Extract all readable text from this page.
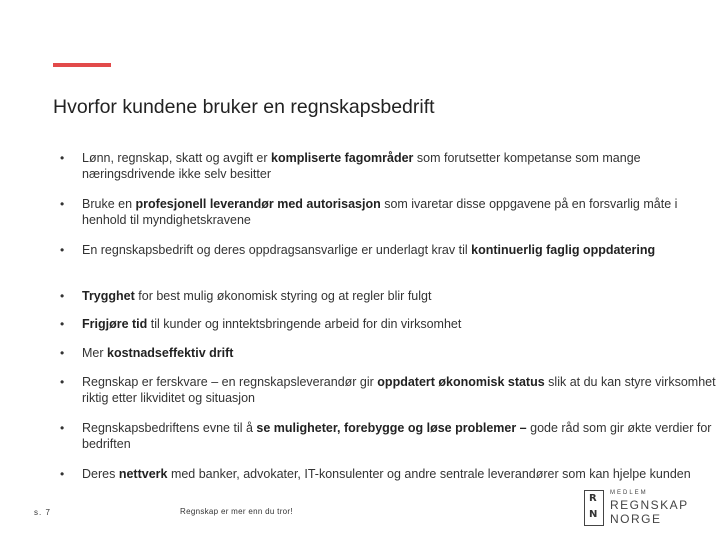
Hvorfor kundene bruker en regnskapsbedrift
• Lønn, regnskap, skatt og avgift er kompliserte fagområder som forutsetter kompetanse som mange næringsdrivende ikke selv besitter
• Bruke en profesjonell leverandør med autorisasjon som ivaretar disse oppgavene på en forsvarlig måte i henhold til myndighetskravene
• En regnskapsbedrift og deres oppdragsansvarlige er underlagt krav til kontinuerlig faglig oppdatering
• Trygghet for best mulig økonomisk styring og at regler blir fulgt
• Frigjøre tid til kunder og inntektsbringende arbeid for din virksomhet
• Mer kostnadseffektiv drift
• Regnskap er ferskvare – en regnskapsleverandør gir oppdatert økonomisk status slik at du kan styre virksomhet riktig etter likviditet og situasjon
• Regnskapsbedriftens evne til å se muligheter, forebygge og løse problemer – gode råd som gir økte verdier for bedriften
• Deres nettverk med banker, advokater, IT-konsulenter og andre sentrale leverandører som kan hjelpe kunden
s. 7	Regnskap er mer enn du tror!
R
N
MEDLEM
REGNSKAP
NORGE
